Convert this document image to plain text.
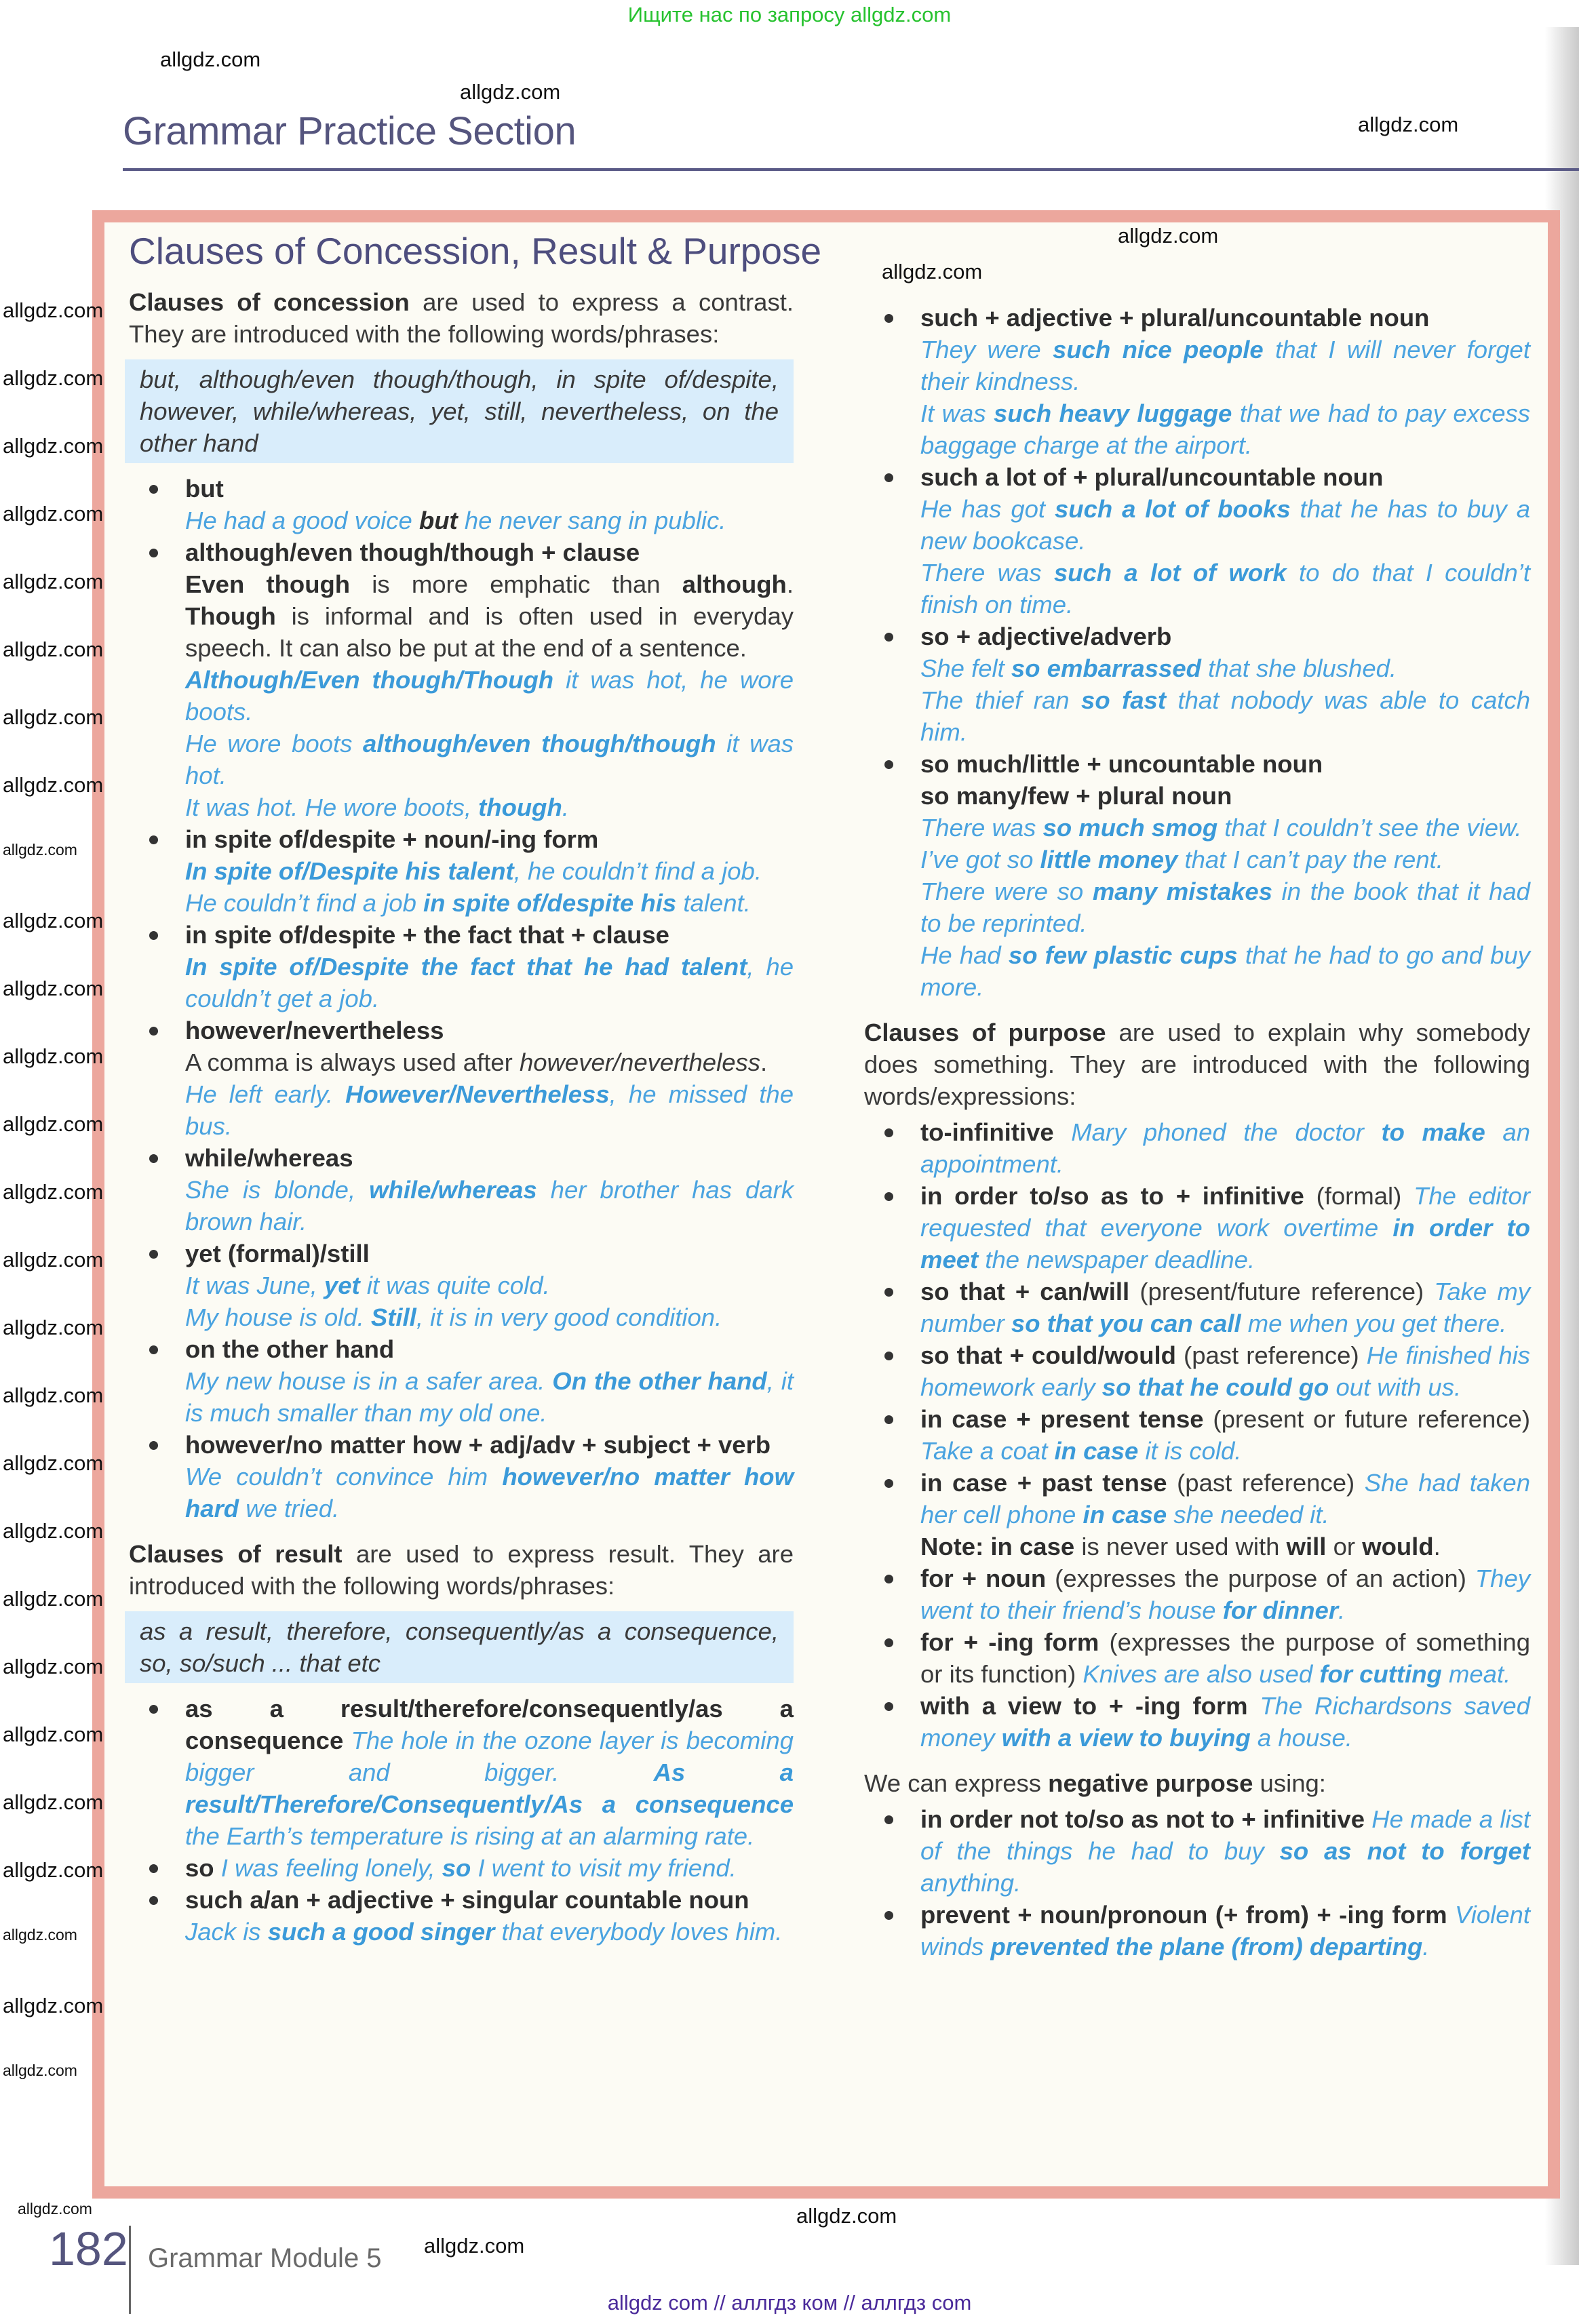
Ищите нас по запросу allgdz.com
Grammar Practice Section
Clauses of Concession, Result & Purpose
Clauses of concession are used to express a contrast. They are introduced with the following words/phrases:
but, although/even though/though, in spite of/despite, however, while/whereas, yet, still, nevertheless, on the other hand
but
He had a good voice but he never sang in public.
although/even though/though + clause
Even though is more emphatic than although. Though is informal and is often used in everyday speech. It can also be put at the end of a sentence.
Although/Even though/Though it was hot, he wore boots.
He wore boots although/even though/though it was hot.
It was hot. He wore boots, though.
in spite of/despite + noun/-ing form
In spite of/Despite his talent, he couldn’t find a job.
He couldn’t find a job in spite of/despite his talent.
in spite of/despite + the fact that + clause
In spite of/Despite the fact that he had talent, he couldn’t get a job.
however/nevertheless
A comma is always used after however/nevertheless.
He left early. However/Nevertheless, he missed the bus.
while/whereas
She is blonde, while/whereas her brother has dark brown hair.
yet (formal)/still
It was June, yet it was quite cold.
My house is old. Still, it is in very good condition.
on the other hand
My new house is in a safer area. On the other hand, it is much smaller than my old one.
however/no matter how + adj/adv + subject + verb
We couldn’t convince him however/no matter how hard we tried.
Clauses of result are used to express result. They are introduced with the following words/phrases:
as a result, therefore, consequently/as a consequence, so, so/such ... that etc
as a result/therefore/consequently/as a consequence The hole in the ozone layer is becoming bigger and bigger. As a result/Therefore/Consequently/As a consequence the Earth’s temperature is rising at an alarming rate.
so I was feeling lonely, so I went to visit my friend.
such a/an + adjective + singular countable noun
Jack is such a good singer that everybody loves him.
such + adjective + plural/uncountable noun
They were such nice people that I will never forget their kindness.
It was such heavy luggage that we had to pay excess baggage charge at the airport.
such a lot of + plural/uncountable noun
He has got such a lot of books that he has to buy a new bookcase.
There was such a lot of work to do that I couldn’t finish on time.
so + adjective/adverb
She felt so embarrassed that she blushed.
The thief ran so fast that nobody was able to catch him.
so much/little + uncountable noun
so many/few + plural noun
There was so much smog that I couldn’t see the view.
I’ve got so little money that I can’t pay the rent.
There were so many mistakes in the book that it had to be reprinted.
He had so few plastic cups that he had to go and buy more.
Clauses of purpose are used to explain why somebody does something. They are introduced with the following words/expressions:
to-infinitive Mary phoned the doctor to make an appointment.
in order to/so as to + infinitive (formal) The editor requested that everyone work overtime in order to meet the newspaper deadline.
so that + can/will (present/future reference) Take my number so that you can call me when you get there.
so that + could/would (past reference) He finished his homework early so that he could go out with us.
in case + present tense (present or future reference) Take a coat in case it is cold.
in case + past tense (past reference) She had taken her cell phone in case she needed it.
Note: in case is never used with will or would.
for + noun (expresses the purpose of an action) They went to their friend’s house for dinner.
for + -ing form (expresses the purpose of something or its function) Knives are also used for cutting meat.
with a view to + -ing form The Richardsons saved money with a view to buying a house.
We can express negative purpose using:
in order not to/so as not to + infinitive He made a list of the things he had to buy so as not to forget anything.
prevent + noun/pronoun (+ from) + -ing form Violent winds prevented the plane (from) departing.
182 Grammar Module 5
allgdz com // аллгдз ком // аллгдз com
allgdz.com
allgdz.com
allgdz.com
allgdz.com
allgdz.com
allgdz.com
allgdz.com
allgdz.com
allgdz.com
allgdz.com
allgdz.com
allgdz.com
allgdz.com
allgdz.com
allgdz.com
allgdz.com
allgdz.com
allgdz.com
allgdz.com
allgdz.com
allgdz.com
allgdz.com
allgdz.com
allgdz.com
allgdz.com
allgdz.com
allgdz.com
allgdz.com
allgdz.com
allgdz.com
allgdz.com
allgdz.com
allgdz.com
allgdz.com
allgdz.com
